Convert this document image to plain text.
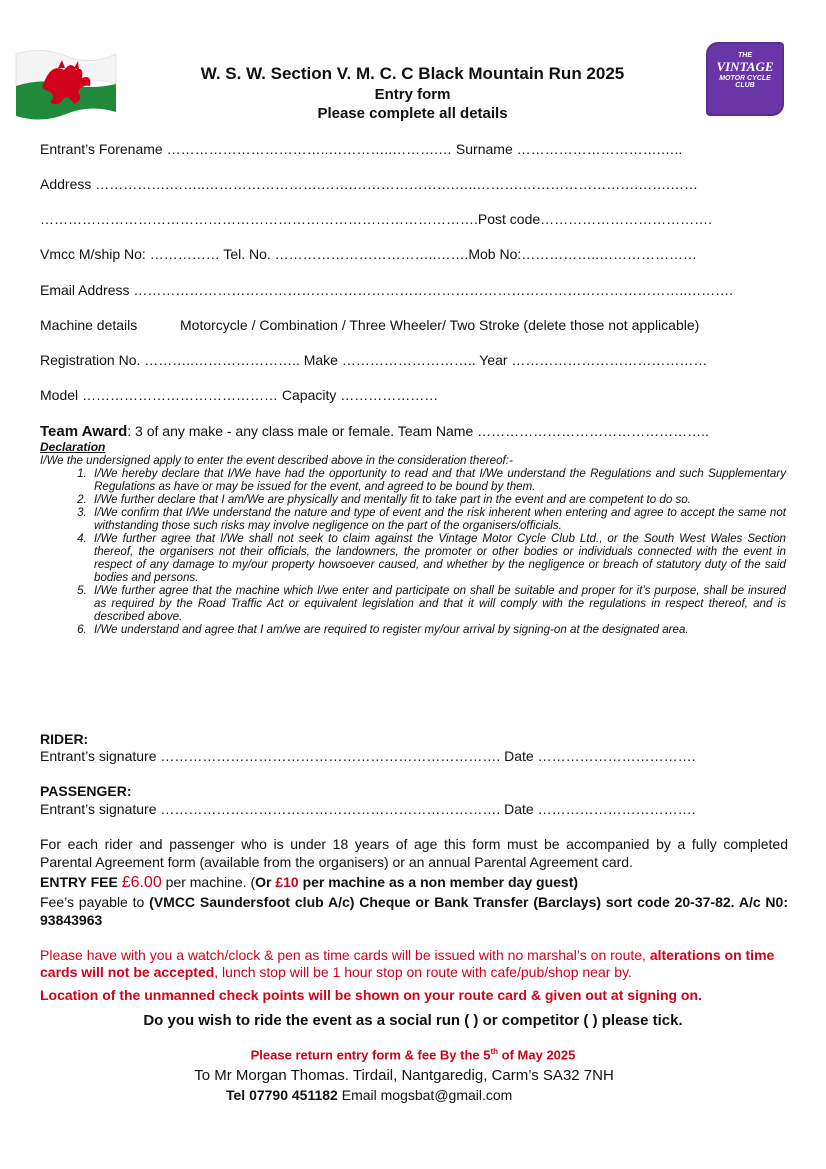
W. S. W. Section V. M. C. C Black Mountain Run 2025
Entry form
Please complete all details
THE
VINTAGE
MOTOR CYCLE
CLUB
Entrant’s Forename ……………………………..…………..……….… Surname ………………………….…..
Address …………….……..…………………….…….………………….…..……….…………………….…….……
………………………………………………………………………………….Post code……………………………….
Vmcc M/ship No: …………… Tel. No. ……………………………..…….Mob No:……………..…………………
Email Address ………………………………………………………………………………………………………..……….
Machine details	Motorcycle / Combination / Three Wheeler/ Two Stroke (delete those not applicable)
Registration No. ………..………………….. Make ……………………….. Year ……………………………………
Model …………………………………… Capacity …………………
Team Award: 3 of any make - any class male or female. Team Name …………………………………………..
Declaration
I/We the undersigned apply to enter the event described above in the consideration thereof:-
1. I/We hereby declare that I/We have had the opportunity to read and that I/We understand the Regulations and such Supplementary Regulations as have or may be issued for the event, and agreed to be bound by them.
2. I/We further declare that I am/We are physically and mentally fit to take part in the event and are competent to do so.
3. I/We confirm that I/We understand the nature and type of event and the risk inherent when entering and agree to accept the same not withstanding those such risks may involve negligence on the part of the organisers/officials.
4. I/We further agree that I/We shall not seek to claim against the Vintage Motor Cycle Club Ltd., or the South West Wales Section thereof, the organisers not their officials, the landowners, the promoter or other bodies or individuals connected with the event in respect of any damage to my/our property howsoever caused, and whether by the negligence or breach of statutory duty of the said bodies and persons.
5. I/We further agree that the machine which I/we enter and participate on shall be suitable and proper for it’s purpose, shall be insured as required by the Road Traffic Act or equivalent legislation and that it will comply with the regulations in respect thereof, and is described above.
6. I/We understand and agree that I am/we are required to register my/our arrival by signing-on at the designated area.
RIDER:
Entrant’s signature ………………………………………………………………. Date …………………………….
PASSENGER:
Entrant’s signature ………………………………………………………………. Date …………………………….
For each rider and passenger who is under 18 years of age this form must be accompanied by a fully completed Parental Agreement form (available from the organisers) or an annual Parental Agreement card.
ENTRY FEE £6.00 per machine. (Or £10 per machine as a non member day guest)
Fee’s payable to (VMCC Saundersfoot club A/c) Cheque or Bank Transfer (Barclays) sort code 20-37-82. A/c N0: 93843963
Please have with you a watch/clock & pen as time cards will be issued with no marshal’s on route, alterations on time cards will not be accepted, lunch stop will be 1 hour stop on route with cafe/pub/shop near by.
Location of the unmanned check points will be shown on your route card & given out at signing on.
Do you wish to ride the event as a social run ( ) or competitor ( ) please tick.
Please return entry form & fee By the 5th of May 2025
To Mr Morgan Thomas. Tirdail, Nantgaredig, Carm’s SA32 7NH
Tel 07790 451182 Email mogsbat@gmail.com
